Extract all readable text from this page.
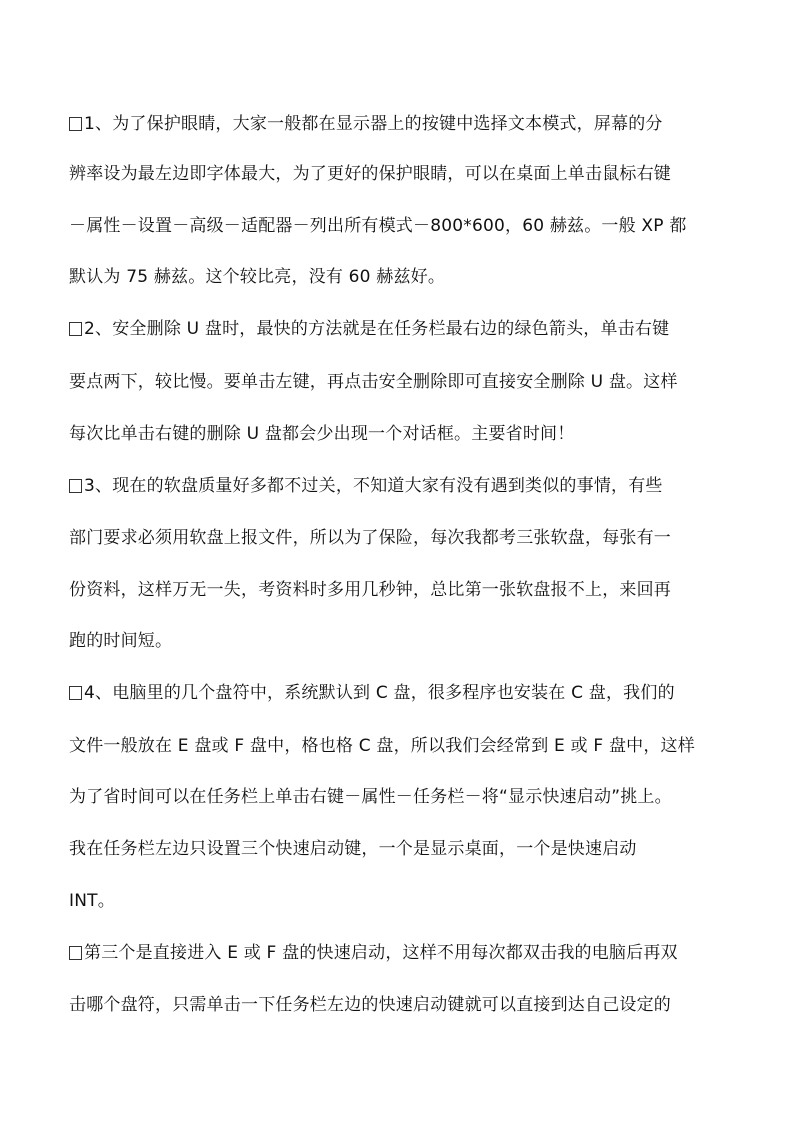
1、为了保护眼睛，大家一般都在显示器上的按键中选择文本模式，屏幕的分
辨率设为最左边即字体最大，为了更好的保护眼睛，可以在桌面上单击鼠标右键
－属性－设置－高级－适配器－列出所有模式－800*600，60 赫兹。一般 XP 都
默认为 75 赫兹。这个较比亮，没有 60 赫兹好。
2、安全删除 U 盘时，最快的方法就是在任务栏最右边的绿色箭头，单击右键
要点两下，较比慢。要单击左键，再点击安全删除即可直接安全删除 U 盘。这样
每次比单击右键的删除 U 盘都会少出现一个对话框。主要省时间！
3、现在的软盘质量好多都不过关，不知道大家有没有遇到类似的事情，有些
部门要求必须用软盘上报文件，所以为了保险，每次我都考三张软盘，每张有一
份资料，这样万无一失，考资料时多用几秒钟，总比第一张软盘报不上，来回再
跑的时间短。
4、电脑里的几个盘符中，系统默认到 C 盘，很多程序也安装在 C 盘，我们的
文件一般放在 E 盘或 F 盘中，格也格 C 盘，所以我们会经常到 E 或 F 盘中，这样
为了省时间可以在任务栏上单击右键－属性－任务栏－将“显示快速启动”挑上。
我在任务栏左边只设置三个快速启动键，一个是显示桌面，一个是快速启动
INT。
第三个是直接进入 E 或 F 盘的快速启动，这样不用每次都双击我的电脑后再双
击哪个盘符，只需单击一下任务栏左边的快速启动键就可以直接到达自己设定的
